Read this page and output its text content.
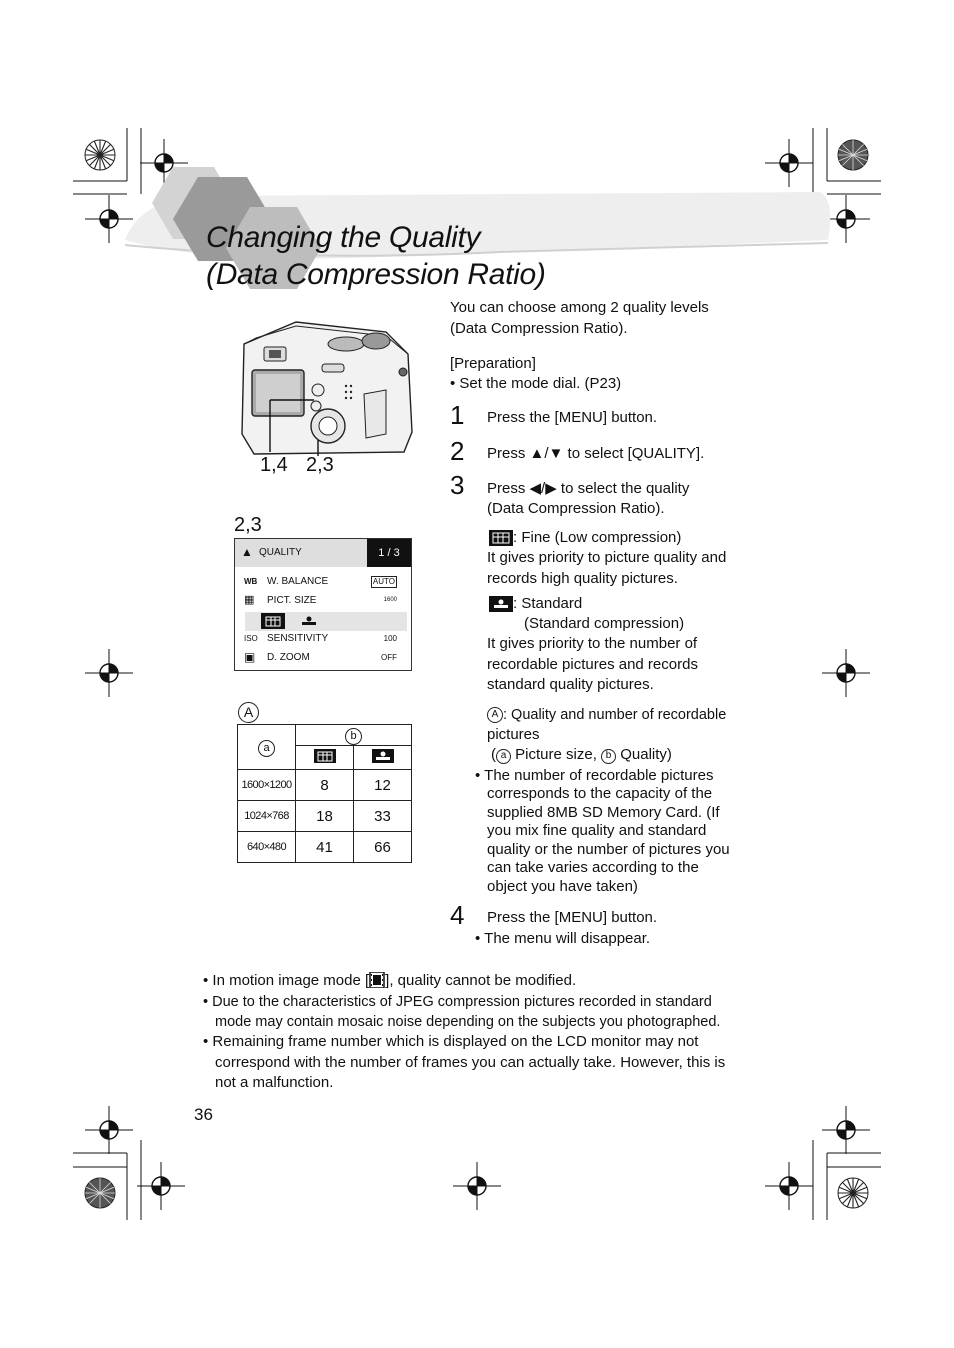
Changing the Quality
(Data Compression Ratio)
1,4 2,3
2,3
▲ QUALITY	1 / 3
WB W. BALANCE	AUTO
▦ PICT. SIZE	1600
ISO SENSITIVITY	100
▣ D. ZOOM	OFF
A
a	b	

1600×1200	8	12
1024×768	18	33
640×480	41	66
You can choose among 2 quality levels
(Data Compression Ratio).
[Preparation]
• Set the mode dial. (P23)
1 Press the [MENU] button.
2 Press ▲/▼ to select [QUALITY].
3 Press ◀/▶ to select the quality
(Data Compression Ratio).
: Fine (Low compression)
It gives priority to picture quality and
records high quality pictures.
: Standard
(Standard compression)
It gives priority to the number of
recordable pictures and records
standard quality pictures.
A : Quality and number of recordable
pictures
( a Picture size, b Quality)
• The number of recordable pictures
corresponds to the capacity of the
supplied 8MB SD Memory Card. (If
you mix fine quality and standard
quality or the number of pictures you
can take varies according to the
object you have taken)
4 Press the [MENU] button.
• The menu will disappear.
• In motion image mode [ ], quality cannot be modified.
• Due to the characteristics of JPEG compression pictures recorded in standard
mode may contain mosaic noise depending on the subjects you photographed.
• Remaining frame number which is displayed on the LCD monitor may not
correspond with the number of frames you can actually take. However, this is
not a malfunction.
36
